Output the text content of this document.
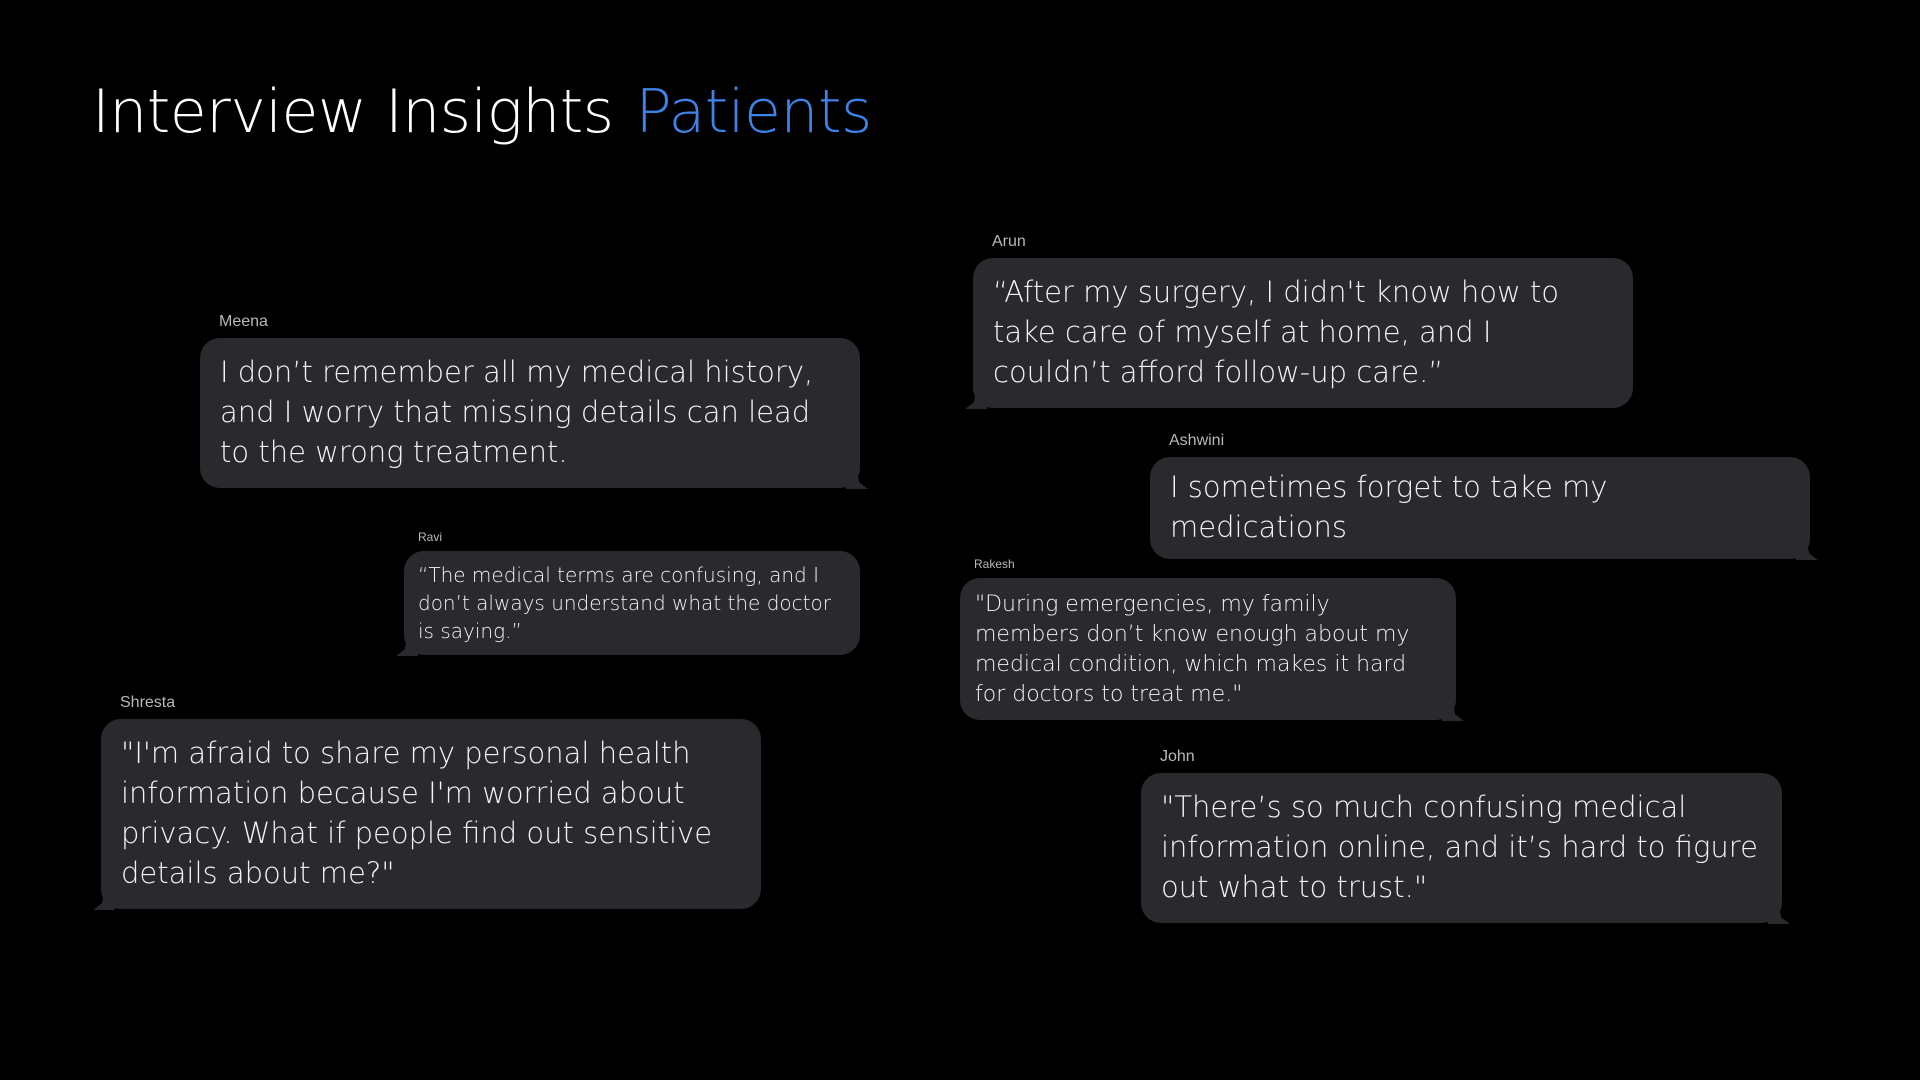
Interview Insights Patients
Meena
I don’t remember all my medical history, and I worry that missing details can lead to the wrong treatment.
Ravi
“The medical terms are confusing, and I don’t always understand what the doctor is saying.”
Shresta
"I'm afraid to share my personal health information because I'm worried about privacy. What if people find out sensitive details about me?"
Arun
“After my surgery, I didn't know how to take care of myself at home, and I couldn’t afford follow-up care.”
Ashwini
I sometimes forget to take my medications
Rakesh
"During emergencies, my family members don’t know enough about my medical condition, which makes it hard for doctors to treat me."
John
"There’s so much confusing medical information online, and it’s hard to figure out what to trust."
